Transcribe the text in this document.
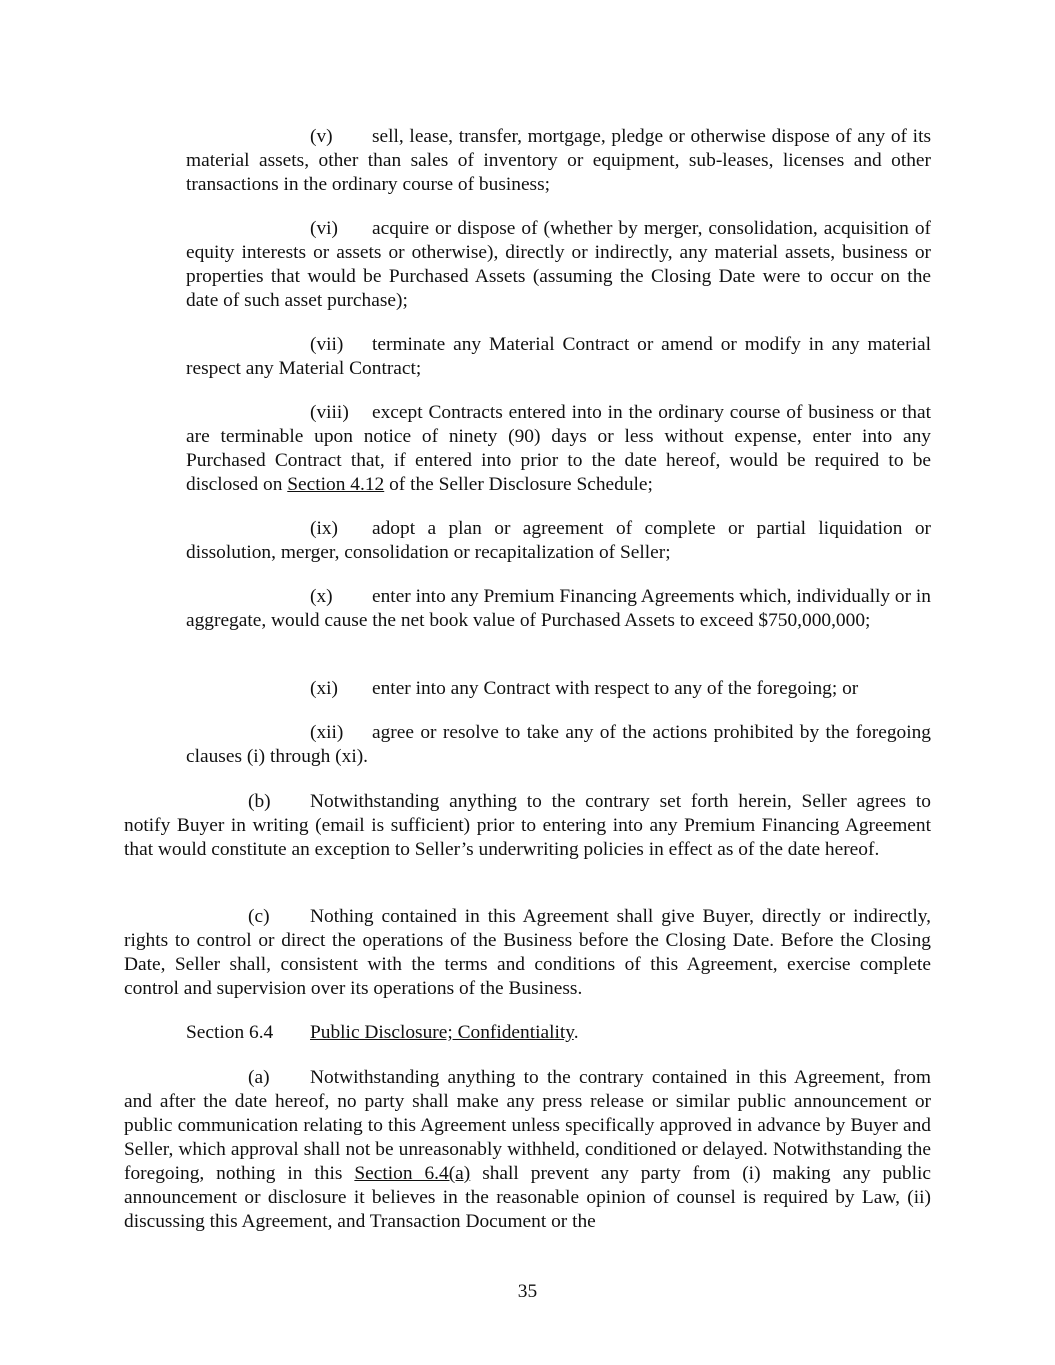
(v) sell, lease, transfer, mortgage, pledge or otherwise dispose of any of its material assets, other than sales of inventory or equipment, sub-leases, licenses and other transactions in the ordinary course of business;

(vi) acquire or dispose of (whether by merger, consolidation, acquisition of equity interests or assets or otherwise), directly or indirectly, any material assets, business or properties that would be Purchased Assets (assuming the Closing Date were to occur on the date of such asset purchase);

(vii) terminate any Material Contract or amend or modify in any material respect any Material Contract;

(viii) except Contracts entered into in the ordinary course of business or that are terminable upon notice of ninety (90) days or less without expense, enter into any Purchased Contract that, if entered into prior to the date hereof, would be required to be disclosed on Section 4.12 of the Seller Disclosure Schedule;

(ix) adopt a plan or agreement of complete or partial liquidation or dissolution, merger, consolidation or recapitalization of Seller;

(x) enter into any Premium Financing Agreements which, individually or in aggregate, would cause the net book value of Purchased Assets to exceed $750,000,000;

(xi) enter into any Contract with respect to any of the foregoing; or

(xii) agree or resolve to take any of the actions prohibited by the foregoing clauses (i) through (xi).

(b) Notwithstanding anything to the contrary set forth herein, Seller agrees to notify Buyer in writing (email is sufficient) prior to entering into any Premium Financing Agreement that would constitute an exception to Seller’s underwriting policies in effect as of the date hereof.

(c) Nothing contained in this Agreement shall give Buyer, directly or indirectly, rights to control or direct the operations of the Business before the Closing Date. Before the Closing Date, Seller shall, consistent with the terms and conditions of this Agreement, exercise complete control and supervision over its operations of the Business.

Section 6.4 Public Disclosure; Confidentiality.

(a) Notwithstanding anything to the contrary contained in this Agreement, from and after the date hereof, no party shall make any press release or similar public announcement or public communication relating to this Agreement unless specifically approved in advance by Buyer and Seller, which approval shall not be unreasonably withheld, conditioned or delayed. Notwithstanding the foregoing, nothing in this Section 6.4(a) shall prevent any party from (i) making any public announcement or disclosure it believes in the reasonable opinion of counsel is required by Law, (ii) discussing this Agreement, and Transaction Document or the

35
